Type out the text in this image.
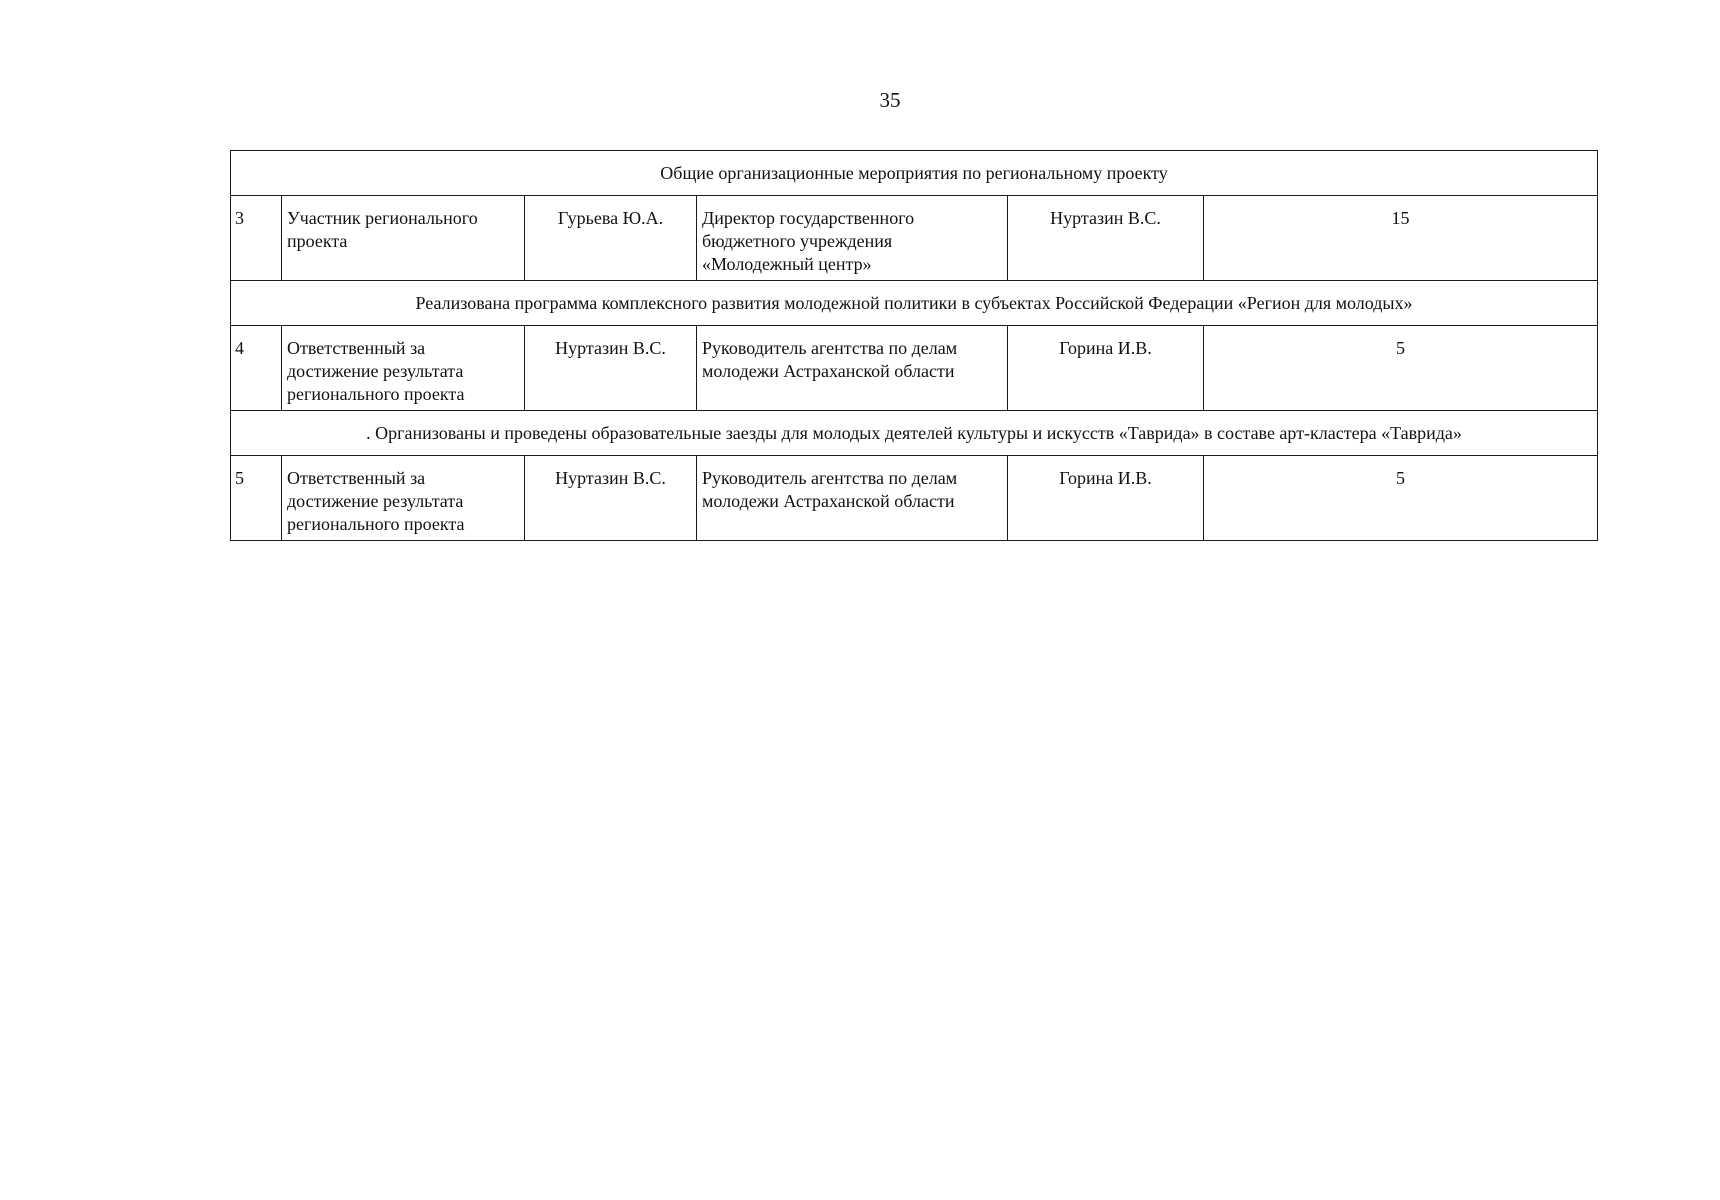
35
Общие организационные мероприятия по региональному проекту					
3	Участник регионального проекта	Гурьева Ю.А.	Директор государственного бюджетного учреждения «Молодежный центр»	Нуртазин В.С.	15
Реализована программа комплексного развития молодежной политики в субъектах Российской Федерации «Регион для молодых»					
4	Ответственный за достижение результата регионального проекта	Нуртазин В.С.	Руководитель агентства по делам молодежи Астраханской области	Горина И.В.	5
. Организованы и проведены образовательные заезды для молодых деятелей культуры и искусств «Таврида» в составе арт-кластера «Таврида»					
5	Ответственный за достижение результата регионального проекта	Нуртазин В.С.	Руководитель агентства по делам молодежи Астраханской области	Горина И.В.	5
